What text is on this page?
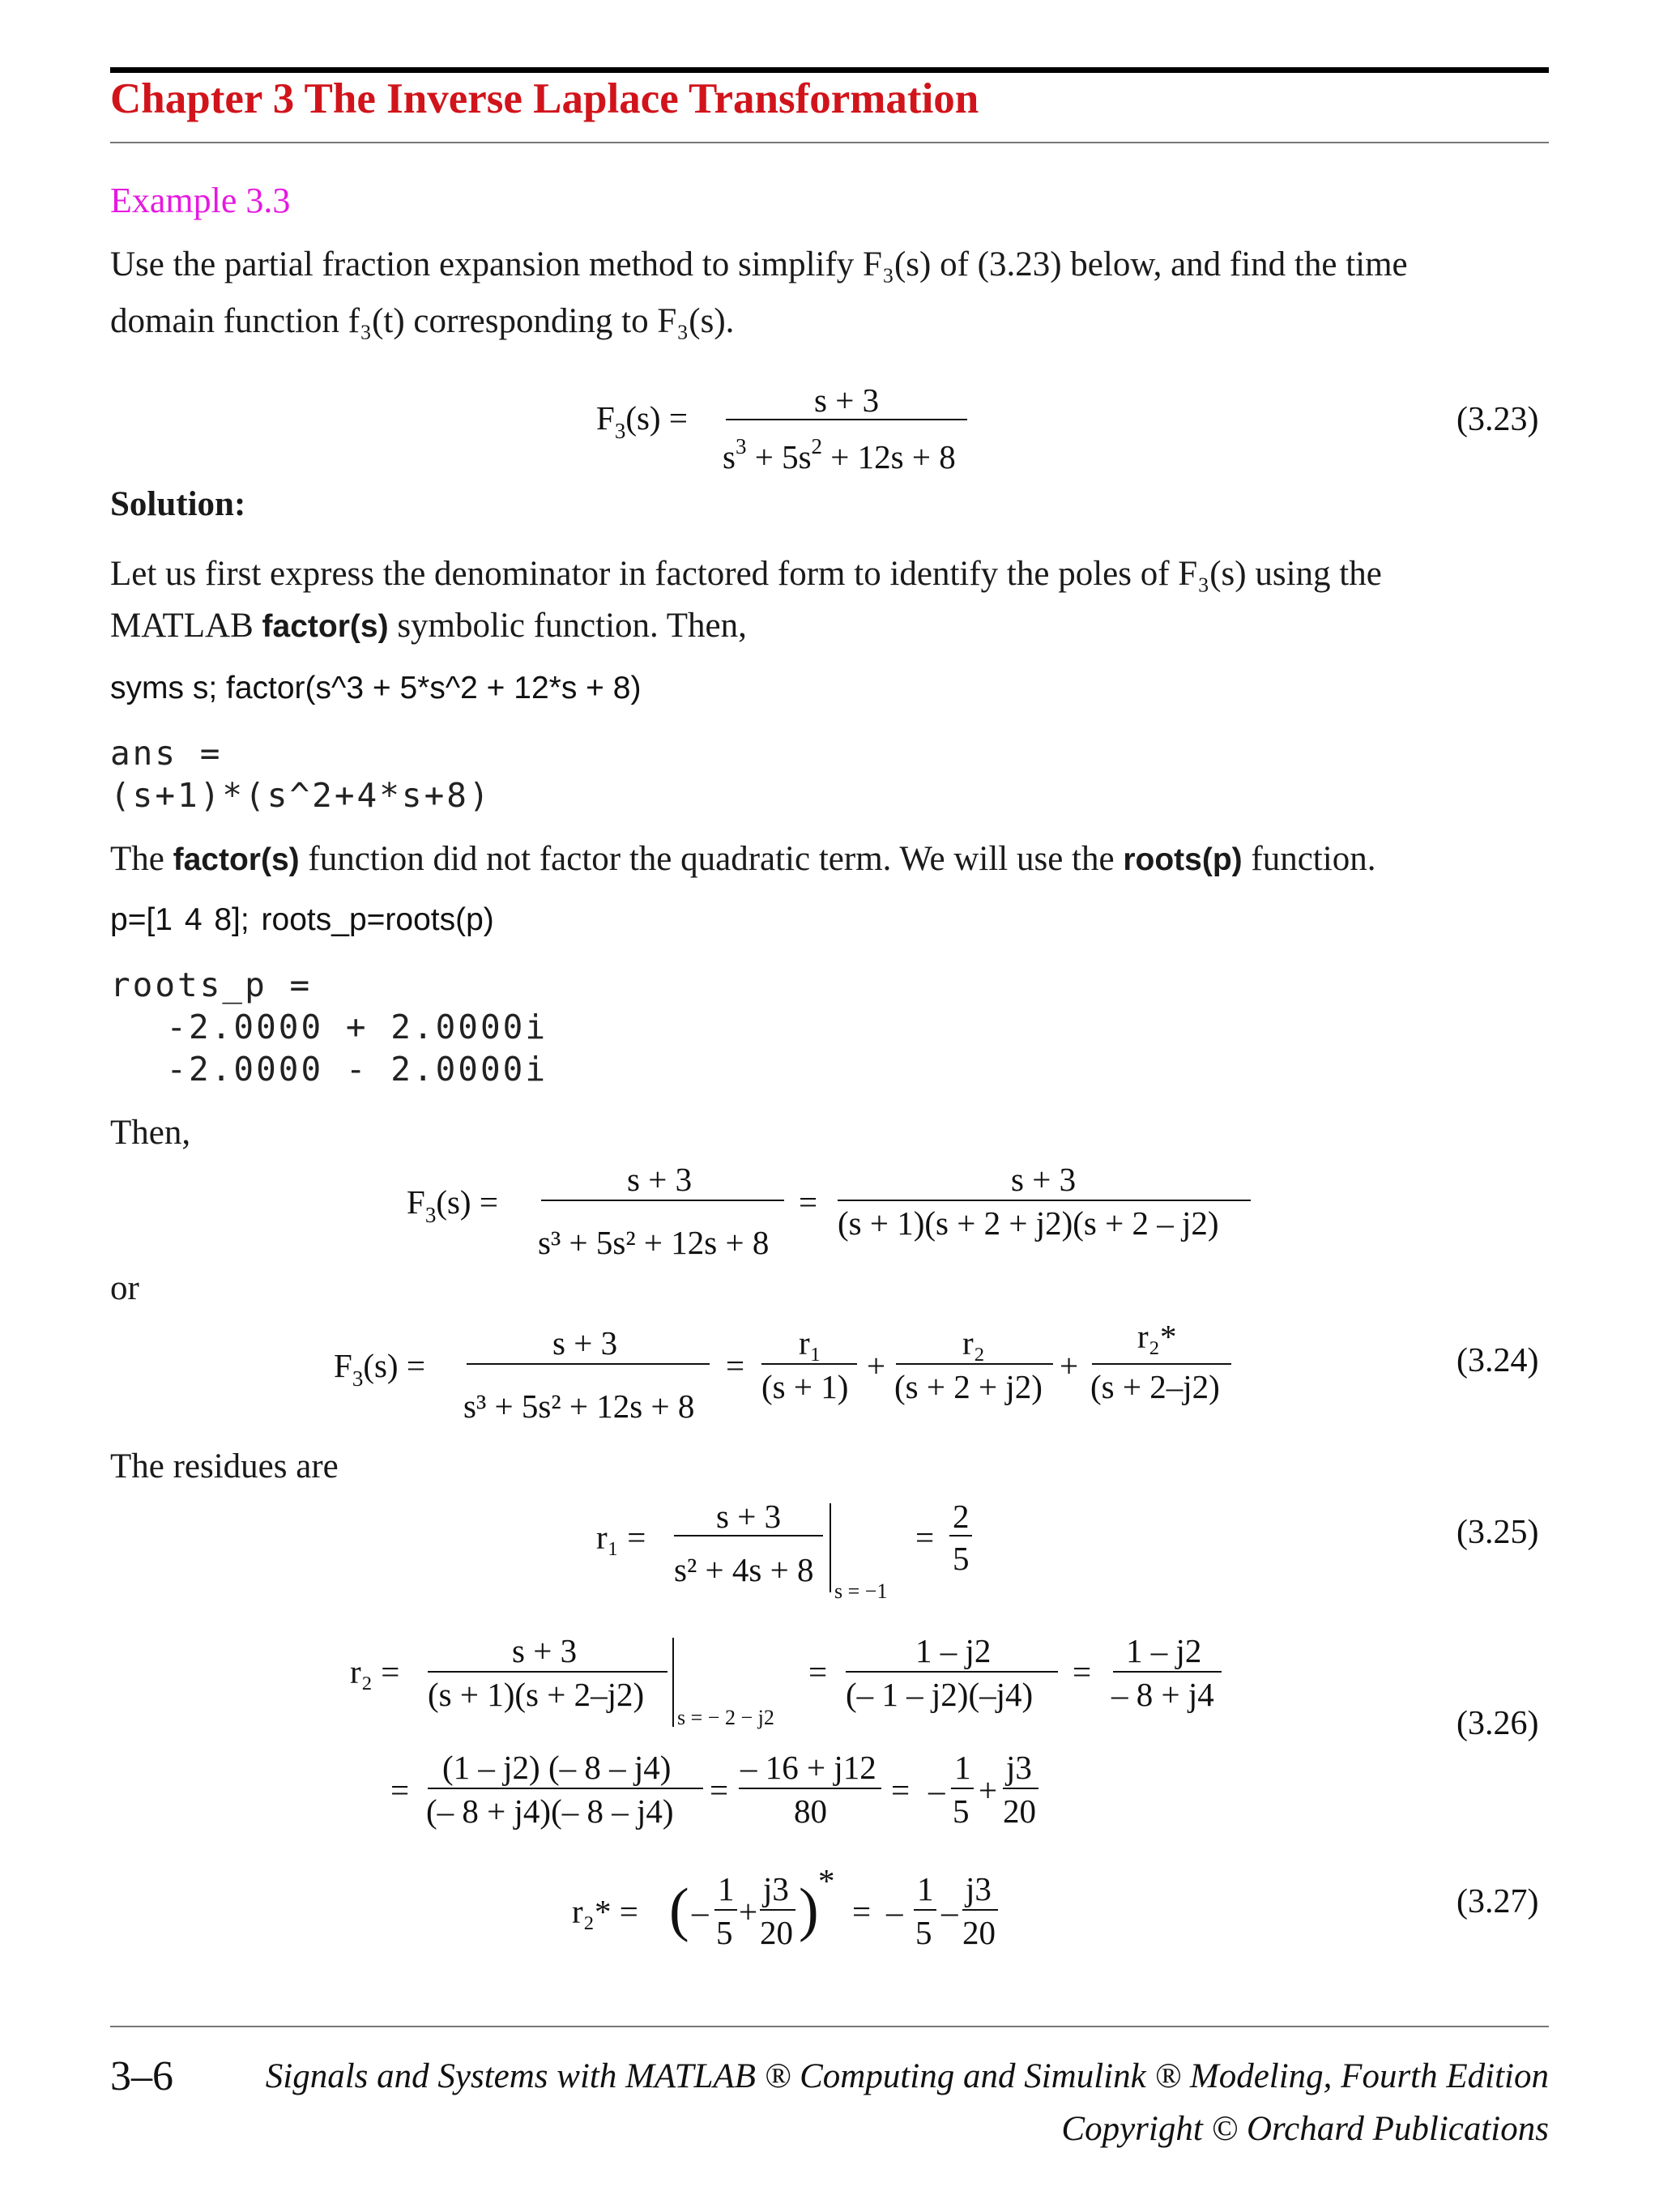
Chapter 3 The Inverse Laplace Transformation
Example 3.3
Use the partial fraction expansion method to simplify F₃(s) of (3.23) below, and find the time
domain function f₃(t) corresponding to F₃(s).
$F_3(s)$ =	s + 3
$s^3 + 5s^2 + 12s + 8$
(3.23)
Solution:
Let us first express the denominator in factored form to identify the poles of F₃(s) using the
MATLAB factor(s) symbolic function. Then,
syms s; factor(s^3 + 5*s^2 + 12*s + 8)
ans =
(s+1)*(s^2+4*s+8)
The factor(s) function did not factor the quadratic term. We will use the roots(p) function.
p=[1 4 8]; roots_p=roots(p)
roots_p =
-2.0000 + 2.0000i
-2.0000 - 2.0000i
Then,
$F_3(s)$ =
s + 3
s³ + 5s² + 12s + 8
=
s + 3
(s + 1)(s + 2 + j2)(s + 2 – j2)
or
$F_3(s)$ =
s + 3
s³ + 5s² + 12s + 8
=
r₁
(s + 1)
+
r₂
(s + 2 + j2)
+
r₂*
(s + 2–j2)
(3.24)
The residues are
r₁ =
s + 3
s² + 4s + 8
s = −1
=
2
5
(3.25)
r₂ =
s + 3
(s + 1)(s + 2–j2)
s = − 2 − j2
=
1 – j2
(– 1 – j2)(–j4)
=
1 – j2
– 8 + j4
=
(1 – j2) (– 8 – j4)
(– 8 + j4)(– 8 – j4)
=
– 16 + j12
80
= –
1
5
+
j3
20
(3.26)
r₂* = ( –
1
5
+
j3
20 ) *
= –
1
5
–
j3
20
(3.27)
3–6	Signals and Systems with MATLAB ® Computing and Simulink ® Modeling, Fourth Edition
Copyright © Orchard Publications
